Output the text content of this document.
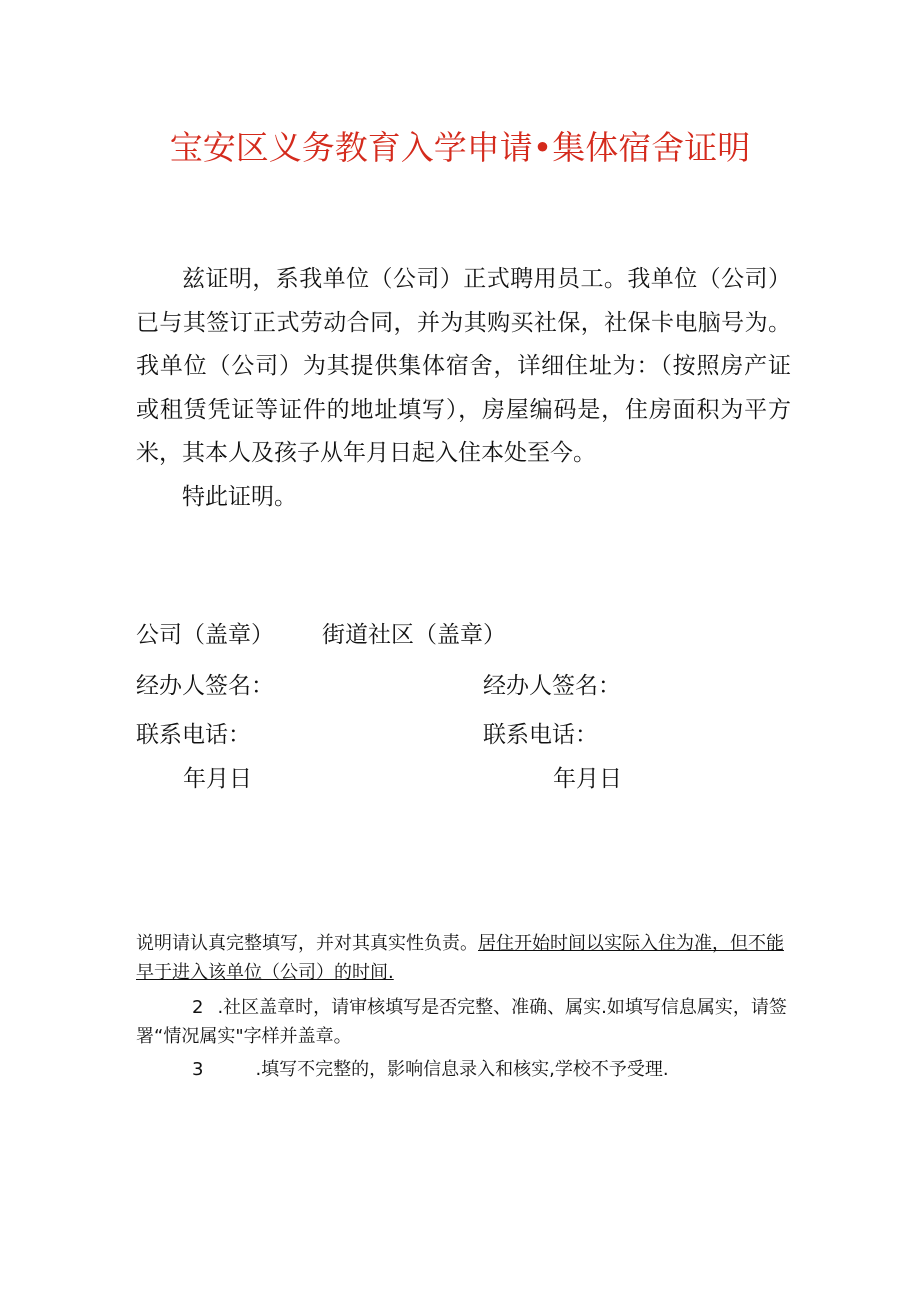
宝安区义务教育入学申请•集体宿舍证明

兹证明，系我单位（公司）正式聘用员工。我单位（公司）已与其签订正式劳动合同，并为其购买社保，社保卡电脑号为。我单位（公司）为其提供集体宿舍，详细住址为：（按照房产证或租赁凭证等证件的地址填写），房屋编码是，住房面积为平方米，其本人及孩子从年月日起入住本处至今。

特此证明。

公司（盖章） 街道社区（盖章）
经办人签名：	经办人签名：
联系电话：	联系电话：
年月日	年月日

说明请认真完整填写，并对其真实性负责。居住开始时间以实际入住为准，但不能早于进入该单位（公司）的时间.

2 .社区盖章时，请审核填写是否完整、准确、属实.如填写信息属实，请签署“情况属实"字样并盖章。

3	.填写不完整的，影响信息录入和核实,学校不予受理.
